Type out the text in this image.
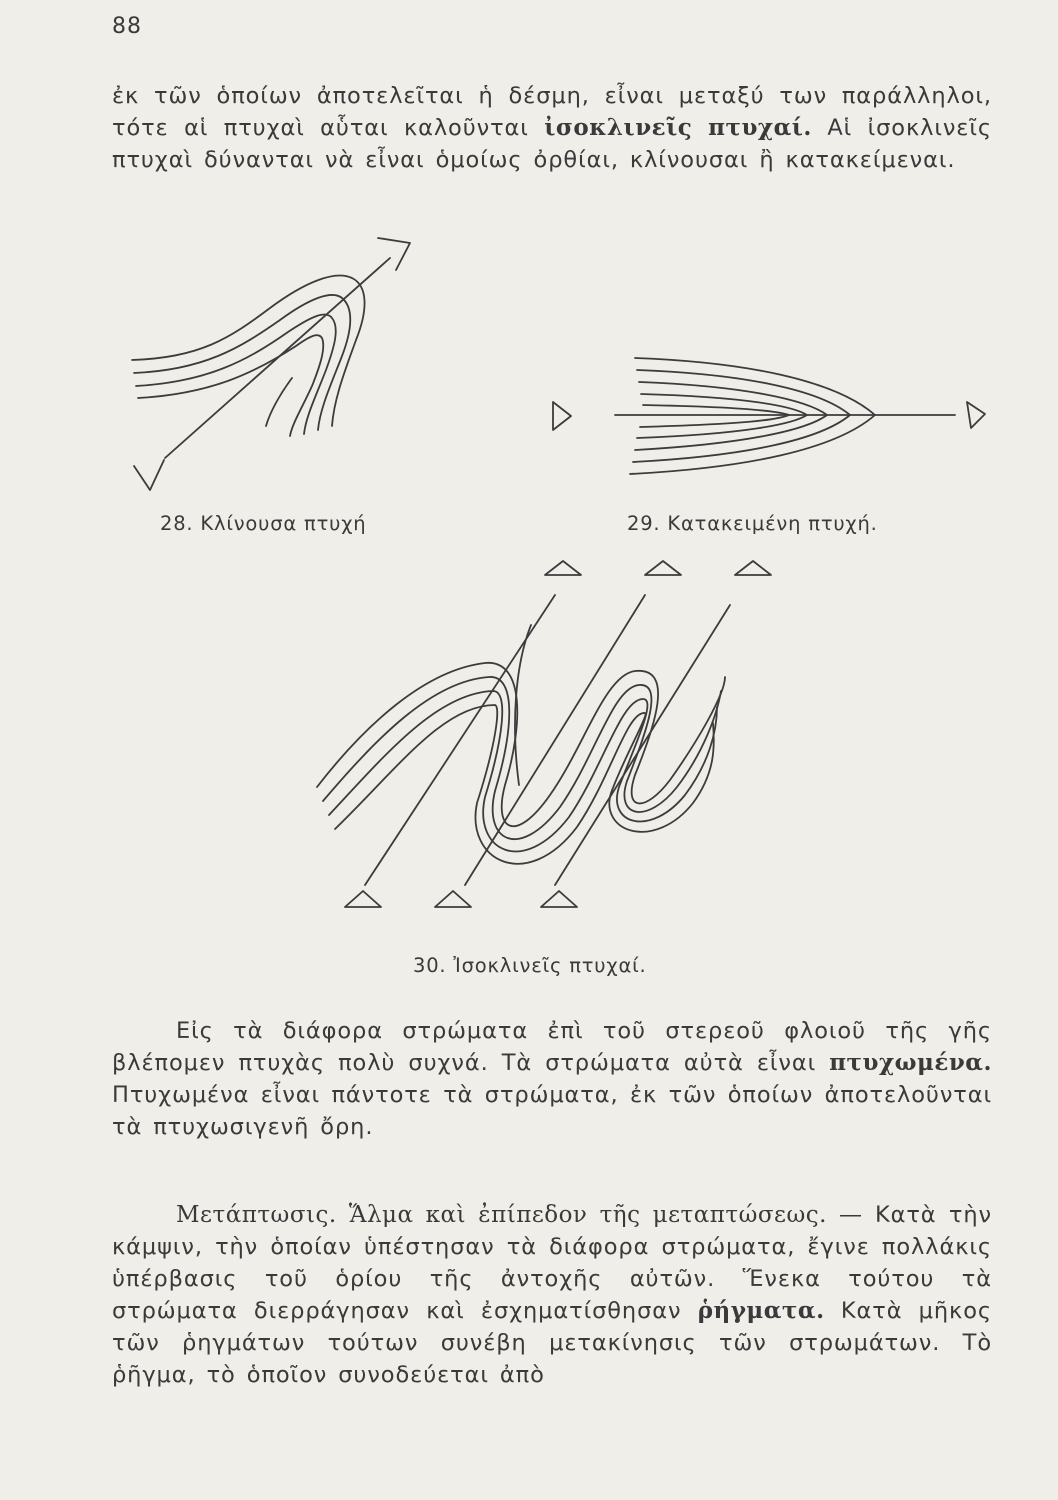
88

ἐκ τῶν ὁποίων ἀποτελεῖται ἡ δέσμη, εἶναι μεταξύ των παράλληλοι, τότε αἱ πτυχαὶ αὗται καλοῦνται ἰσοκλινεῖς πτυχαί. Αἱ ἰσοκλινεῖς πτυχαὶ δύνανται νὰ εἶναι ὁμοίως ὀρθίαι, κλίνουσαι ἢ κατακείμεναι.

28. Κλίνουσα πτυχή	29. Κατακειμένη πτυχή.
30. Ἰσοκλινεῖς πτυχαί.

Εἰς τὰ διάφορα στρώματα ἐπὶ τοῦ στερεοῦ φλοιοῦ τῆς γῆς βλέπομεν πτυχὰς πολὺ συχνά. Τὰ στρώματα αὐτὰ εἶναι πτυχωμένα. Πτυχωμένα εἶναι πάντοτε τὰ στρώματα, ἐκ τῶν ὁποίων ἀποτελοῦνται τὰ πτυχωσιγενῆ ὄρη.

Μετάπτωσις. Ἅλμα καὶ ἐπίπεδον τῆς μεταπτώσεως. — Κατὰ τὴν κάμψιν, τὴν ὁποίαν ὑπέστησαν τὰ διάφορα στρώματα, ἔγινε πολλάκις ὑπέρβασις τοῦ ὁρίου τῆς ἀντοχῆς αὐτῶν. Ἕνεκα τούτου τὰ στρώματα διερράγησαν καὶ ἐσχηματίσθησαν ῥήγματα. Κατὰ μῆκος τῶν ῥηγμάτων τούτων συνέβη μετακίνησις τῶν στρωμάτων. Τὸ ῥῆγμα, τὸ ὁποῖον συνοδεύεται ἀπὸ
